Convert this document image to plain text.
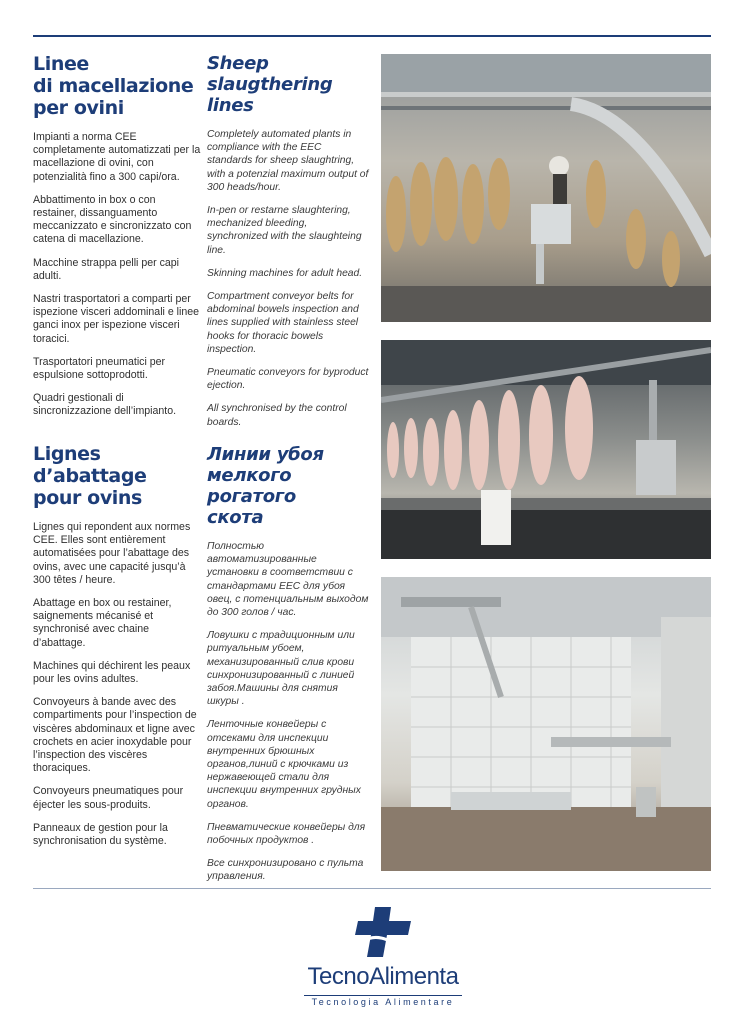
Linee
di macellazione
per ovini

Impianti a norma CEE completamente automatizzati per la macellazione di ovini, con potenzialità fino a 300 capi/ora.

Abbattimento in box o con restainer, dissanguamento meccanizzato e sincronizzato con catena di macellazione.

Macchine strappa pelli per capi adulti.

Nastri trasportatori a comparti per ispezione visceri addominali e linee ganci inox per ispezione visceri toracici.

Trasportatori pneumatici per espulsione sottoprodotti.

Quadri gestionali di sincronizzazione dell’impianto.

Sheep
slaugthering lines

Completely automated plants in compliance with the EEC standards for sheep slaughtring, with a potenzial maximum output of 300 heads/hour.

In-pen or restarne slaughtering, mechanized bleeding, synchronized with the slaughteing line.

Skinning machines for adult head.

Compartment conveyor belts for abdominal bowels inspection and lines supplied with stainless steel hooks for thoracic bowels inspection.

Pneumatic conveyors for byproduct ejection.

All synchronised by the control boards.

Lignes d’abattage
pour ovins

Lignes qui repondent aux normes CEE. Elles sont entièrement automatisées pour l’abattage des ovins, avec une capacité jusqu’à 300 têtes / heure.

Abattage en box ou restainer, saignements mécanisé et synchronisé avec chaine d’abattage.

Machines qui déchirent les peaux pour les ovins adultes.

Convoyeurs à bande avec des compartiments pour l’inspection de viscères abdominaux et ligne avec crochets en acier inoxydable pour l’inspection des viscères thoraciques.

Convoyeurs pneumatiques pour éjecter les sous-produits.

Panneaux de gestion pour la synchronisation du système.

Линии убоя
мелкого рогатого
скота

Полностью автоматизированные установки в соответствии с стандартами ЕЕС для убоя овец, с потенциальным выходом до 300 голов / час.

Ловушки с традиционным или ритуальным убоем, механизированный слив крови синхронизированный с линией забоя.Машины для снятия шкуры .

Ленточные конвейеры с отсеками для инспекции внутренних брюшных органов,линий с крючками из нержавеющей стали для инспекции внутренних грудных органов.

Пневматические конвейеры для побочных продуктов .

Все синхронизировано с пульта управления.

TecnoAlimenta
Tecnologia Alimentare
